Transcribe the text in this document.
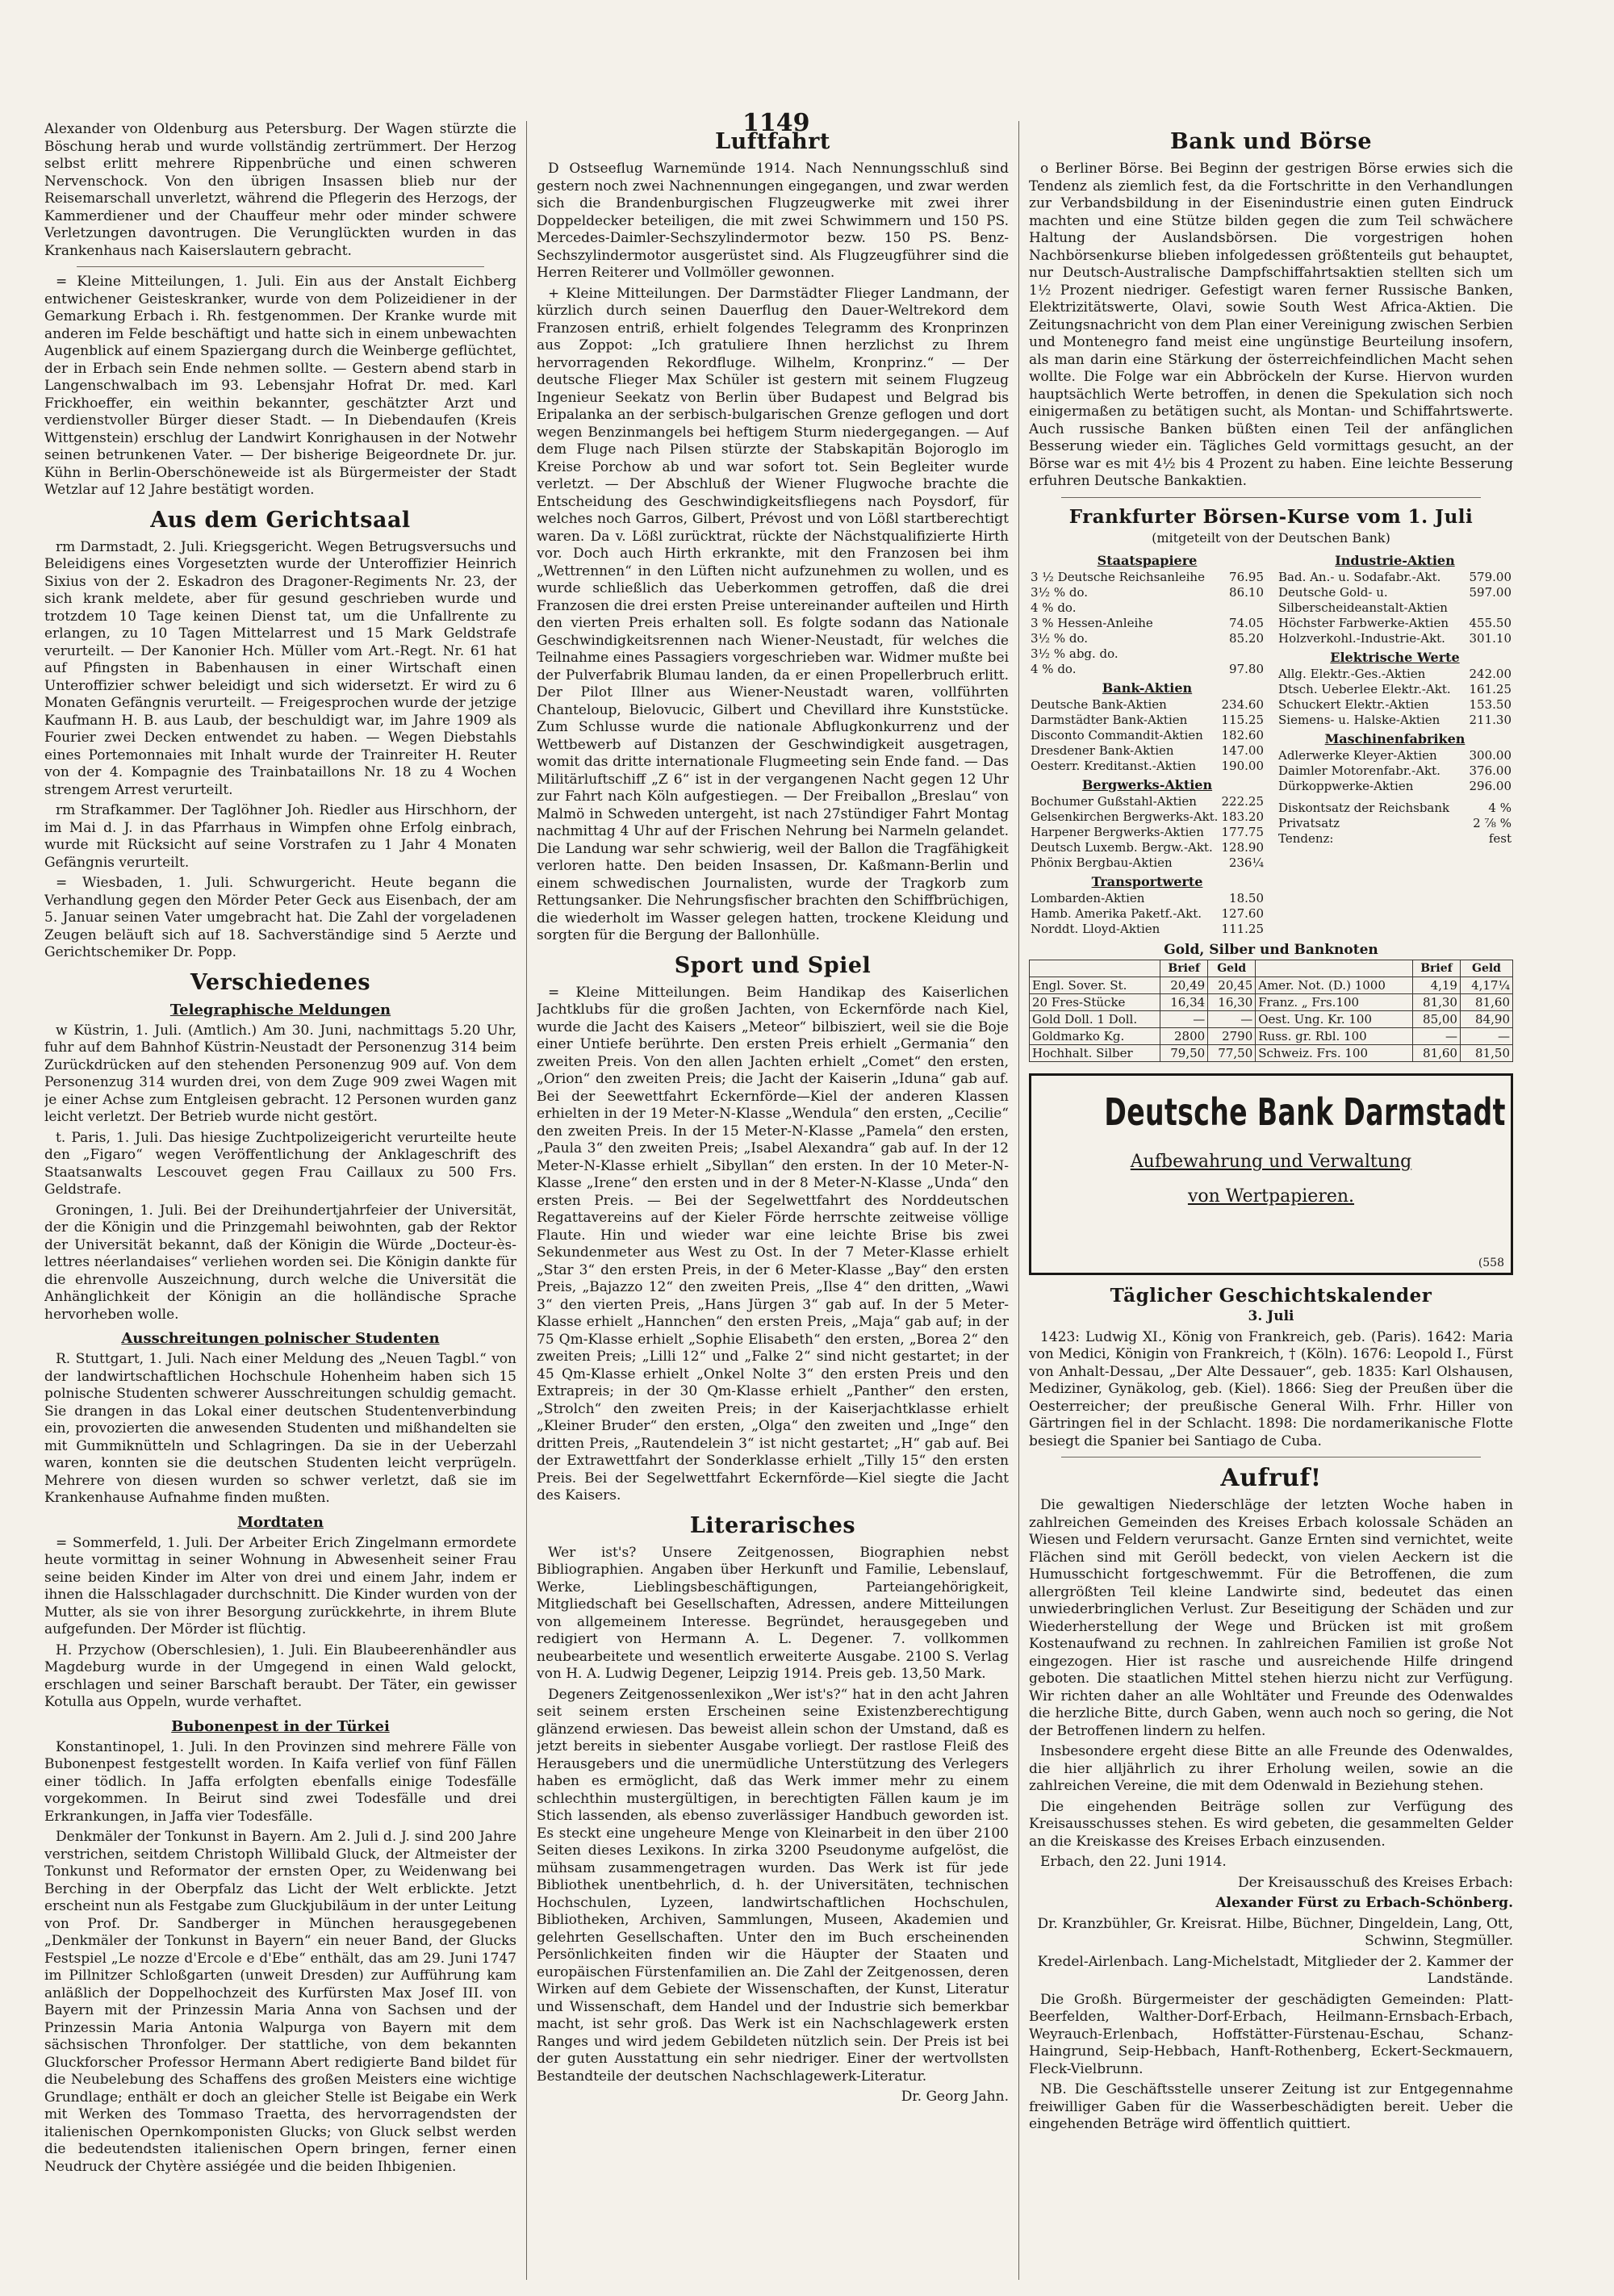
1149

Alexander von Oldenburg aus Petersburg. Der Wagen stürzte die Böschung herab und wurde vollständig zertrümmert. Der Herzog selbst erlitt mehrere Rippenbrüche und einen schweren Nervenschock. Von den übrigen Insassen blieb nur der Reisemarschall unverletzt, während die Pflegerin des Herzogs, der Kammerdiener und der Chauffeur mehr oder minder schwere Verletzungen davontrugen. Die Verunglückten wurden in das Krankenhaus nach Kaiserslautern gebracht.

= Kleine Mitteilungen, 1. Juli. Ein aus der Anstalt Eichberg entwichener Geisteskranker, wurde von dem Polizeidiener in der Gemarkung Erbach i. Rh. festgenommen. Der Kranke wurde mit anderen im Felde beschäftigt und hatte sich in einem unbewachten Augenblick auf einem Spaziergang durch die Weinberge geflüchtet, der in Erbach sein Ende nehmen sollte. — Gestern abend starb in Langenschwalbach im 93. Lebensjahr Hofrat Dr. med. Karl Frickhoeffer, ein weithin bekannter, geschätzter Arzt und verdienstvoller Bürger dieser Stadt. — In Diebendaufen (Kreis Wittgenstein) erschlug der Landwirt Konrighausen in der Notwehr seinen betrunkenen Vater. — Der bisherige Beigeordnete Dr. jur. Kühn in Berlin-Oberschöneweide ist als Bürgermeister der Stadt Wetzlar auf 12 Jahre bestätigt worden.

Aus dem Gerichtsaal

rm Darmstadt, 2. Juli. Kriegsgericht. Wegen Betrugsversuchs und Beleidigens eines Vorgesetzten wurde der Unteroffizier Heinrich Sixius von der 2. Eskadron des Dragoner-Regiments Nr. 23, der sich krank meldete, aber für gesund geschrieben wurde und trotzdem 10 Tage keinen Dienst tat, um die Unfallrente zu erlangen, zu 10 Tagen Mittelarrest und 15 Mark Geldstrafe verurteilt. — Der Kanonier Hch. Müller vom Art.-Regt. Nr. 61 hat auf Pfingsten in Babenhausen in einer Wirtschaft einen Unteroffizier schwer beleidigt und sich widersetzt. Er wird zu 6 Monaten Gefängnis verurteilt. — Freigesprochen wurde der jetzige Kaufmann H. B. aus Laub, der beschuldigt war, im Jahre 1909 als Fourier zwei Decken entwendet zu haben. — Wegen Diebstahls eines Portemonnaies mit Inhalt wurde der Trainreiter H. Reuter von der 4. Kompagnie des Trainbataillons Nr. 18 zu 4 Wochen strengem Arrest verurteilt.

rm Strafkammer. Der Taglöhner Joh. Riedler aus Hirschhorn, der im Mai d. J. in das Pfarrhaus in Wimpfen ohne Erfolg einbrach, wurde mit Rücksicht auf seine Vorstrafen zu 1 Jahr 4 Monaten Gefängnis verurteilt.

= Wiesbaden, 1. Juli. Schwurgericht. Heute begann die Verhandlung gegen den Mörder Peter Geck aus Eisenbach, der am 5. Januar seinen Vater umgebracht hat. Die Zahl der vorgeladenen Zeugen beläuft sich auf 18. Sachverständige sind 5 Aerzte und Gerichtschemiker Dr. Popp.

Verschiedenes
Telegraphische Meldungen

w Küstrin, 1. Juli. (Amtlich.) Am 30. Juni, nachmittags 5.20 Uhr, fuhr auf dem Bahnhof Küstrin-Neustadt der Personenzug 314 beim Zurückdrücken auf den stehenden Personenzug 909 auf. Von dem Personenzug 314 wurden drei, von dem Zuge 909 zwei Wagen mit je einer Achse zum Entgleisen gebracht. 12 Personen wurden ganz leicht verletzt. Der Betrieb wurde nicht gestört.

t. Paris, 1. Juli. Das hiesige Zuchtpolizeigericht verurteilte heute den „Figaro“ wegen Veröffentlichung der Anklageschrift des Staatsanwalts Lescouvet gegen Frau Caillaux zu 500 Frs. Geldstrafe.

Groningen, 1. Juli. Bei der Dreihundertjahrfeier der Universität, der die Königin und die Prinzgemahl beiwohnten, gab der Rektor der Universität bekannt, daß der Königin die Würde „Docteur-ès-lettres néerlandaises“ verliehen worden sei. Die Königin dankte für die ehrenvolle Auszeichnung, durch welche die Universität die Anhänglichkeit der Königin an die holländische Sprache hervorheben wolle.

Ausschreitungen polnischer Studenten

R. Stuttgart, 1. Juli. Nach einer Meldung des „Neuen Tagbl.“ von der landwirtschaftlichen Hochschule Hohenheim haben sich 15 polnische Studenten schwerer Ausschreitungen schuldig gemacht. Sie drangen in das Lokal einer deutschen Studentenverbindung ein, provozierten die anwesenden Studenten und mißhandelten sie mit Gummiknütteln und Schlagringen. Da sie in der Ueberzahl waren, konnten sie die deutschen Studenten leicht verprügeln. Mehrere von diesen wurden so schwer verletzt, daß sie im Krankenhause Aufnahme finden mußten.

Mordtaten

= Sommerfeld, 1. Juli. Der Arbeiter Erich Zingelmann ermordete heute vormittag in seiner Wohnung in Abwesenheit seiner Frau seine beiden Kinder im Alter von drei und einem Jahr, indem er ihnen die Halsschlagader durchschnitt. Die Kinder wurden von der Mutter, als sie von ihrer Besorgung zurückkehrte, in ihrem Blute aufgefunden. Der Mörder ist flüchtig.

H. Przychow (Oberschlesien), 1. Juli. Ein Blaubeerenhändler aus Magdeburg wurde in der Umgegend in einen Wald gelockt, erschlagen und seiner Barschaft beraubt. Der Täter, ein gewisser Kotulla aus Oppeln, wurde verhaftet.

Bubonenpest in der Türkei

Konstantinopel, 1. Juli. In den Provinzen sind mehrere Fälle von Bubonenpest festgestellt worden. In Kaifa verlief von fünf Fällen einer tödlich. In Jaffa erfolgten ebenfalls einige Todesfälle vorgekommen. In Beirut sind zwei Todesfälle und drei Erkrankungen, in Jaffa vier Todesfälle.

Denkmäler der Tonkunst in Bayern. Am 2. Juli d. J. sind 200 Jahre verstrichen, seitdem Christoph Willibald Gluck, der Altmeister der Tonkunst und Reformator der ernsten Oper, zu Weidenwang bei Berching in der Oberpfalz das Licht der Welt erblickte. Jetzt erscheint nun als Festgabe zum Gluckjubiläum in der unter Leitung von Prof. Dr. Sandberger in München herausgegebenen „Denkmäler der Tonkunst in Bayern“ ein neuer Band, der Glucks Festspiel „Le nozze d'Ercole e d'Ebe“ enthält, das am 29. Juni 1747 im Pillnitzer Schloßgarten (unweit Dresden) zur Aufführung kam anläßlich der Doppelhochzeit des Kurfürsten Max Josef III. von Bayern mit der Prinzessin Maria Anna von Sachsen und der Prinzessin Maria Antonia Walpurga von Bayern mit dem sächsischen Thronfolger. Der stattliche, von dem bekannten Gluckforscher Professor Hermann Abert redigierte Band bildet für die Neubelebung des Schaffens des großen Meisters eine wichtige Grundlage; enthält er doch an gleicher Stelle ist Beigabe ein Werk mit Werken des Tommaso Traetta, des hervorragendsten der italienischen Opernkomponisten Glucks; von Gluck selbst werden die bedeutendsten italienischen Opern bringen, ferner einen Neudruck der Chytère assiégée und die beiden Ihbigenien.

Luftfahrt

D Ostseeflug Warnemünde 1914. Nach Nennungsschluß sind gestern noch zwei Nachnennungen eingegangen, und zwar werden sich die Brandenburgischen Flugzeugwerke mit zwei ihrer Doppeldecker beteiligen, die mit zwei Schwimmern und 150 PS. Mercedes-Daimler-Sechszylindermotor bezw. 150 PS. Benz-Sechszylindermotor ausgerüstet sind. Als Flugzeugführer sind die Herren Reiterer und Vollmöller gewonnen.

+ Kleine Mitteilungen. Der Darmstädter Flieger Landmann, der kürzlich durch seinen Dauerflug den Dauer-Weltrekord dem Franzosen entriß, erhielt folgendes Telegramm des Kronprinzen aus Zoppot: „Ich gratuliere Ihnen herzlichst zu Ihrem hervorragenden Rekordfluge. Wilhelm, Kronprinz.“ — Der deutsche Flieger Max Schüler ist gestern mit seinem Flugzeug Ingenieur Seekatz von Berlin über Budapest und Belgrad bis Eripalanka an der serbisch-bulgarischen Grenze geflogen und dort wegen Benzinmangels bei heftigem Sturm niedergegangen. — Auf dem Fluge nach Pilsen stürzte der Stabskapitän Bojoroglo im Kreise Porchow ab und war sofort tot. Sein Begleiter wurde verletzt. — Der Abschluß der Wiener Flugwoche brachte die Entscheidung des Geschwindigkeitsfliegens nach Poysdorf, für welches noch Garros, Gilbert, Prévost und von Lößl startberechtigt waren. Da v. Lößl zurücktrat, rückte der Nächstqualifizierte Hirth vor. Doch auch Hirth erkrankte, mit den Franzosen bei ihm „Wettrennen“ in den Lüften nicht aufzunehmen zu wollen, und es wurde schließlich das Ueberkommen getroffen, daß die drei Franzosen die drei ersten Preise untereinander aufteilen und Hirth den vierten Preis erhalten soll. Es folgte sodann das Nationale Geschwindigkeitsrennen nach Wiener-Neustadt, für welches die Teilnahme eines Passagiers vorgeschrieben war. Widmer mußte bei der Pulverfabrik Blumau landen, da er einen Propellerbruch erlitt. Der Pilot Illner aus Wiener-Neustadt waren, vollführten Chanteloup, Bielovucic, Gilbert und Chevillard ihre Kunststücke. Zum Schlusse wurde die nationale Abflugkonkurrenz und der Wettbewerb auf Distanzen der Geschwindigkeit ausgetragen, womit das dritte internationale Flugmeeting sein Ende fand. — Das Militärluftschiff „Z 6“ ist in der vergangenen Nacht gegen 12 Uhr zur Fahrt nach Köln aufgestiegen. — Der Freiballon „Breslau“ von Malmö in Schweden untergeht, ist nach 27stündiger Fahrt Montag nachmittag 4 Uhr auf der Frischen Nehrung bei Narmeln gelandet. Die Landung war sehr schwierig, weil der Ballon die Tragfähigkeit verloren hatte. Den beiden Insassen, Dr. Kaßmann-Berlin und einem schwedischen Journalisten, wurde der Tragkorb zum Rettungsanker. Die Nehrungsfischer brachten den Schiffbrüchigen, die wiederholt im Wasser gelegen hatten, trockene Kleidung und sorgten für die Bergung der Ballonhülle.

Sport und Spiel

= Kleine Mitteilungen. Beim Handikap des Kaiserlichen Jachtklubs für die großen Jachten, von Eckernförde nach Kiel, wurde die Jacht des Kaisers „Meteor“ bilbisziert, weil sie die Boje einer Untiefe berührte. Den ersten Preis erhielt „Germania“ den zweiten Preis. Von den allen Jachten erhielt „Comet“ den ersten, „Orion“ den zweiten Preis; die Jacht der Kaiserin „Iduna“ gab auf. Bei der Seewettfahrt Eckernförde—Kiel der anderen Klassen erhielten in der 19 Meter-N-Klasse „Wendula“ den ersten, „Cecilie“ den zweiten Preis. In der 15 Meter-N-Klasse „Pamela“ den ersten, „Paula 3“ den zweiten Preis; „Isabel Alexandra“ gab auf. In der 12 Meter-N-Klasse erhielt „Sibyllan“ den ersten. In der 10 Meter-N-Klasse „Irene“ den ersten und in der 8 Meter-N-Klasse „Unda“ den ersten Preis. — Bei der Segelwettfahrt des Norddeutschen Regattavereins auf der Kieler Förde herrschte zeitweise völlige Flaute. Hin und wieder war eine leichte Brise bis zwei Sekundenmeter aus West zu Ost. In der 7 Meter-Klasse erhielt „Star 3“ den ersten Preis, in der 6 Meter-Klasse „Bay“ den ersten Preis, „Bajazzo 12“ den zweiten Preis, „Ilse 4“ den dritten, „Wawi 3“ den vierten Preis, „Hans Jürgen 3“ gab auf. In der 5 Meter-Klasse erhielt „Hannchen“ den ersten Preis, „Maja“ gab auf; in der 75 Qm-Klasse erhielt „Sophie Elisabeth“ den ersten, „Borea 2“ den zweiten Preis; „Lilli 12“ und „Falke 2“ sind nicht gestartet; in der 45 Qm-Klasse erhielt „Onkel Nolte 3“ den ersten Preis und den Extrapreis; in der 30 Qm-Klasse erhielt „Panther“ den ersten, „Strolch“ den zweiten Preis; in der Kaiserjachtklasse erhielt „Kleiner Bruder“ den ersten, „Olga“ den zweiten und „Inge“ den dritten Preis, „Rautendelein 3“ ist nicht gestartet; „H“ gab auf. Bei der Extrawettfahrt der Sonderklasse erhielt „Tilly 15“ den ersten Preis. Bei der Segelwettfahrt Eckernförde—Kiel siegte die Jacht des Kaisers.

Literarisches

Wer ist's? Unsere Zeitgenossen, Biographien nebst Bibliographien. Angaben über Herkunft und Familie, Lebenslauf, Werke, Lieblingsbeschäftigungen, Parteiangehörigkeit, Mitgliedschaft bei Gesellschaften, Adressen, andere Mitteilungen von allgemeinem Interesse. Begründet, herausgegeben und redigiert von Hermann A. L. Degener. 7. vollkommen neubearbeitete und wesentlich erweiterte Ausgabe. 2100 S. Verlag von H. A. Ludwig Degener, Leipzig 1914. Preis geb. 13,50 Mark.

Degeners Zeitgenossenlexikon „Wer ist's?“ hat in den acht Jahren seit seinem ersten Erscheinen seine Existenzberechtigung glänzend erwiesen. Das beweist allein schon der Umstand, daß es jetzt bereits in siebenter Ausgabe vorliegt. Der rastlose Fleiß des Herausgebers und die unermüdliche Unterstützung des Verlegers haben es ermöglicht, daß das Werk immer mehr zu einem schlechthin mustergültigen, in berechtigten Fällen kaum je im Stich lassenden, als ebenso zuverlässiger Handbuch geworden ist. Es steckt eine ungeheure Menge von Kleinarbeit in den über 2100 Seiten dieses Lexikons. In zirka 3200 Pseudonyme aufgelöst, die mühsam zusammengetragen wurden. Das Werk ist für jede Bibliothek unentbehrlich, d. h. der Universitäten, technischen Hochschulen, Lyzeen, landwirtschaftlichen Hochschulen, Bibliotheken, Archiven, Sammlungen, Museen, Akademien und gelehrten Gesellschaften. Unter den im Buch erscheinenden Persönlichkeiten finden wir die Häupter der Staaten und europäischen Fürstenfamilien an. Die Zahl der Zeitgenossen, deren Wirken auf dem Gebiete der Wissenschaften, der Kunst, Literatur und Wissenschaft, dem Handel und der Industrie sich bemerkbar macht, ist sehr groß. Das Werk ist ein Nachschlagewerk ersten Ranges und wird jedem Gebildeten nützlich sein. Der Preis ist bei der guten Ausstattung ein sehr niedriger. Einer der wertvollsten Bestandteile der deutschen Nachschlagewerk-Literatur.

Dr. Georg Jahn.

Bank und Börse

o Berliner Börse. Bei Beginn der gestrigen Börse erwies sich die Tendenz als ziemlich fest, da die Fortschritte in den Verhandlungen zur Verbandsbildung in der Eisenindustrie einen guten Eindruck machten und eine Stütze bilden gegen die zum Teil schwächere Haltung der Auslandsbörsen. Die vorgestrigen hohen Nachbörsenkurse blieben infolgedessen größtenteils gut behauptet, nur Deutsch-Australische Dampfschiffahrtsaktien stellten sich um 1½ Prozent niedriger. Gefestigt waren ferner Russische Banken, Elektrizitätswerte, Olavi, sowie South West Africa-Aktien. Die Zeitungsnachricht von dem Plan einer Vereinigung zwischen Serbien und Montenegro fand meist eine ungünstige Beurteilung insofern, als man darin eine Stärkung der österreichfeindlichen Macht sehen wollte. Die Folge war ein Abbröckeln der Kurse. Hiervon wurden hauptsächlich Werte betroffen, in denen die Spekulation sich noch einigermaßen zu betätigen sucht, als Montan- und Schiffahrtswerte. Auch russische Banken büßten einen Teil der anfänglichen Besserung wieder ein. Tägliches Geld vormittags gesucht, an der Börse war es mit 4½ bis 4 Prozent zu haben. Eine leichte Besserung erfuhren Deutsche Bankaktien.

Frankfurter Börsen-Kurse vom 1. Juli

(mitgeteilt von der Deutschen Bank)

Staatspapiere	
3 ½ Deutsche Reichsanleihe	76.95
3½ % do.	86.10
4 % do.	
3 % Hessen-Anleihe	74.05
3½ % do.	85.20
3½ % abg. do.	
4 % do.	97.80
Bank-Aktien	
Deutsche Bank-Aktien	234.60
Darmstädter Bank-Aktien	115.25
Disconto Commandit-Aktien	182.60
Dresdener Bank-Aktien	147.00
Oesterr. Kreditanst.-Aktien	190.00
Bergwerks-Aktien	
Bochumer Gußstahl-Aktien	222.25
Gelsenkirchen Bergwerks-Akt.	183.20
Harpener Bergwerks-Aktien	177.75
Deutsch Luxemb. Bergw.-Akt.	128.90
Phönix Bergbau-Aktien	236¼
Transportwerte	
Lombarden-Aktien	18.50
Hamb. Amerika Paketf.-Akt.	127.60
Norddt. Lloyd-Aktien	111.25
Industrie-Aktien	
Bad. An.- u. Sodafabr.-Akt.	579.00
Deutsche Gold- u. Silberscheideanstalt-Aktien	597.00
Höchster Farbwerke-Aktien	455.50
Holzverkohl.-Industrie-Akt.	301.10
Elektrische Werte	
Allg. Elektr.-Ges.-Aktien	242.00
Dtsch. Ueberlee Elektr.-Akt.	161.25
Schuckert Elektr.-Aktien	153.50
Siemens- u. Halske-Aktien	211.30
Maschinenfabriken	
Adlerwerke Kleyer-Aktien	300.00
Daimler Motorenfabr.-Akt.	376.00
Dürkoppwerke-Aktien	296.00
Diskontsatz der Reichsbank	4 %
Privatsatz	2 ⅞ %
Tendenz:	fest
Gold, Silber und Banknoten
	Brief	Geld		Brief	Geld
Engl. Sover. St.	20,49	20,45	Amer. Not. (D.) 1000	4,19	4,17¼
20 Fres-Stücke	16,34	16,30	Franz. „ Frs.100	81,30	81,60
Gold Doll. 1 Doll.	—	—	Oest. Ung. Kr. 100	85,00	84,90
Goldmarko Kg.	2800	2790	Russ. gr. Rbl. 100	—	—
Hochhalt. Silber	79,50	77,50	Schweiz. Frs. 100	81,60	81,50
Deutsche Bank Darmstadt
Aufbewahrung und Verwaltung
von Wertpapieren.
(558
Täglicher Geschichtskalender

3. Juli

1423: Ludwig XI., König von Frankreich, geb. (Paris). 1642: Maria von Medici, Königin von Frankreich, † (Köln). 1676: Leopold I., Fürst von Anhalt-Dessau, „Der Alte Dessauer“, geb. 1835: Karl Olshausen, Mediziner, Gynäkolog, geb. (Kiel). 1866: Sieg der Preußen über die Oesterreicher; der preußische General Wilh. Frhr. Hiller von Gärtringen fiel in der Schlacht. 1898: Die nordamerikanische Flotte besiegt die Spanier bei Santiago de Cuba.

Aufruf!

Die gewaltigen Niederschläge der letzten Woche haben in zahlreichen Gemeinden des Kreises Erbach kolossale Schäden an Wiesen und Feldern verursacht. Ganze Ernten sind vernichtet, weite Flächen sind mit Geröll bedeckt, von vielen Aeckern ist die Humusschicht fortgeschwemmt. Für die Betroffenen, die zum allergrößten Teil kleine Landwirte sind, bedeutet das einen unwiederbringlichen Verlust. Zur Beseitigung der Schäden und zur Wiederherstellung der Wege und Brücken ist mit großem Kostenaufwand zu rechnen. In zahlreichen Familien ist große Not eingezogen. Hier ist rasche und ausreichende Hilfe dringend geboten. Die staatlichen Mittel stehen hierzu nicht zur Verfügung. Wir richten daher an alle Wohltäter und Freunde des Odenwaldes die herzliche Bitte, durch Gaben, wenn auch noch so gering, die Not der Betroffenen lindern zu helfen.

Insbesondere ergeht diese Bitte an alle Freunde des Odenwaldes, die hier alljährlich zu ihrer Erholung weilen, sowie an die zahlreichen Vereine, die mit dem Odenwald in Beziehung stehen.

Die eingehenden Beiträge sollen zur Verfügung des Kreisausschusses stehen. Es wird gebeten, die gesammelten Gelder an die Kreiskasse des Kreises Erbach einzusenden.

Erbach, den 22. Juni 1914.

Der Kreisausschuß des Kreises Erbach:

Alexander Fürst zu Erbach-Schönberg.

Dr. Kranzbühler, Gr. Kreisrat. Hilbe, Büchner, Dingeldein, Lang, Ott, Schwinn, Stegmüller.

Kredel-Airlenbach. Lang-Michelstadt, Mitglieder der 2. Kammer der Landstände.

Die Großh. Bürgermeister der geschädigten Gemeinden: Platt-Beerfelden, Walther-Dorf-Erbach, Heilmann-Ernsbach-Erbach, Weyrauch-Erlenbach, Hoffstätter-Fürstenau-Eschau, Schanz-Haingrund, Seip-Hebbach, Hanft-Rothenberg, Eckert-Seckmauern, Fleck-Vielbrunn.

NB. Die Geschäftsstelle unserer Zeitung ist zur Entgegennahme freiwilliger Gaben für die Wasserbeschädigten bereit. Ueber die eingehenden Beträge wird öffentlich quittiert.
